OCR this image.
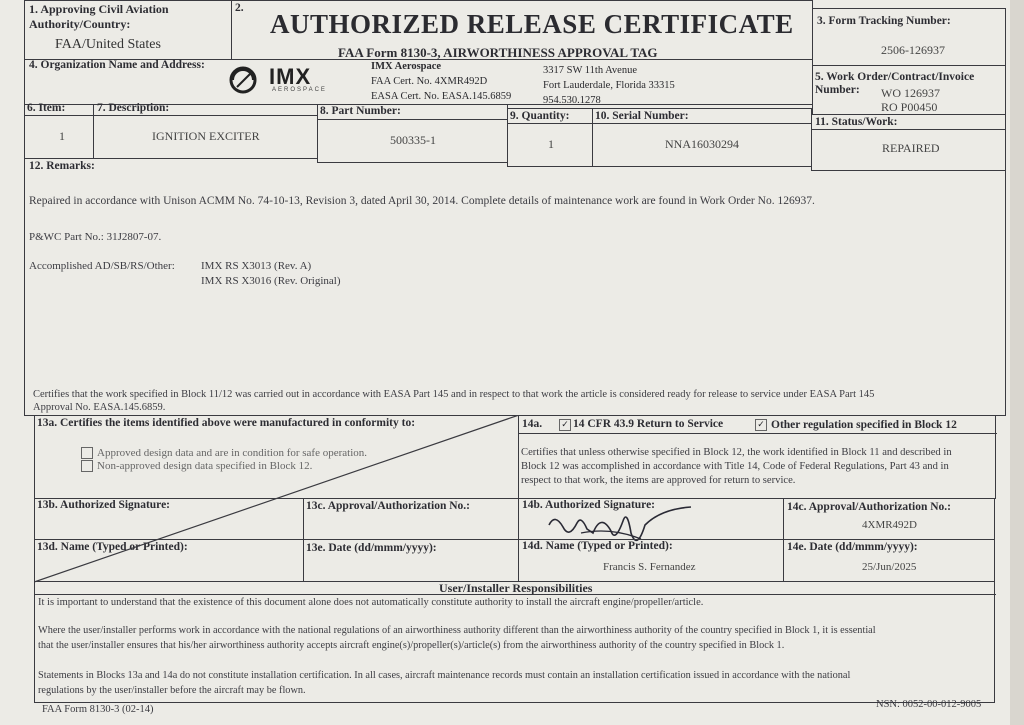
1. Approving Civil Aviation Authority/Country:
FAA/United States
2.
AUTHORIZED RELEASE CERTIFICATE
FAA Form 8130-3, AIRWORTHINESS APPROVAL TAG
3. Form Tracking Number:
2506-126937
4. Organization Name and Address:	IMX
AEROSPACE
IMX Aerospace
FAA Cert. No. 4XMR492D
EASA Cert. No. EASA.145.6859
3317 SW 11th Avenue
Fort Lauderdale, Florida 33315
954.530.1278
5. Work Order/Contract/Invoice Number:	WO 126937
RO P00450
6. Item:	7. Description:	8. Part Number:	9. Quantity: 10. Serial Number:	11. Status/Work:
1	IGNITION EXCITER	500335-1	1	NNA16030294	REPAIRED
12. Remarks:
Repaired in accordance with Unison ACMM No. 74-10-13, Revision 3, dated April 30, 2014. Complete details of maintenance work are found in Work Order No. 126937.
P&WC Part No.: 31J2807-07.
Accomplished AD/SB/RS/Other: IMX RS X3013 (Rev. A)
IMX RS X3016 (Rev. Original)
Certifies that the work specified in Block 11/12 was carried out in accordance with EASA Part 145 and in respect to that work the article is considered ready for release to service under EASA Part 145
Approval No. EASA.145.6859.
13a. Certifies the items identified above were manufactured in conformity to:
Approved design data and are in condition for safe operation.
Non-approved design data specified in Block 12.
14a. ✓ 14 CFR 43.9 Return to Service	✓ Other regulation specified in Block 12
Certifies that unless otherwise specified in Block 12, the work identified in Block 11 and described in
Block 12 was accomplished in accordance with Title 14, Code of Federal Regulations, Part 43 and in
respect to that work, the items are approved for return to service.
13b. Authorized Signature:	13c. Approval/Authorization No.:	14b. Authorized Signature:	14c. Approval/Authorization No.:
4XMR492D
13d. Name (Typed or Printed):	13e. Date (dd/mmm/yyyy):	14d. Name (Typed or Printed):
Francis S. Fernandez
14e. Date (dd/mmm/yyyy):
25/Jun/2025
User/Installer Responsibilities
It is important to understand that the existence of this document alone does not automatically constitute authority to install the aircraft engine/propeller/article.
Where the user/installer performs work in accordance with the national regulations of an airworthiness authority different than the airworthiness authority of the country specified in Block 1, it is essential
that the user/installer ensures that his/her airworthiness authority accepts aircraft engine(s)/propeller(s)/article(s) from the airworthiness authority of the country specified in Block 1.
Statements in Blocks 13a and 14a do not constitute installation certification. In all cases, aircraft maintenance records must contain an installation certification issued in accordance with the national
regulations by the user/installer before the aircraft may be flown.
FAA Form 8130-3 (02-14)	NSN: 0052-00-012-9005
